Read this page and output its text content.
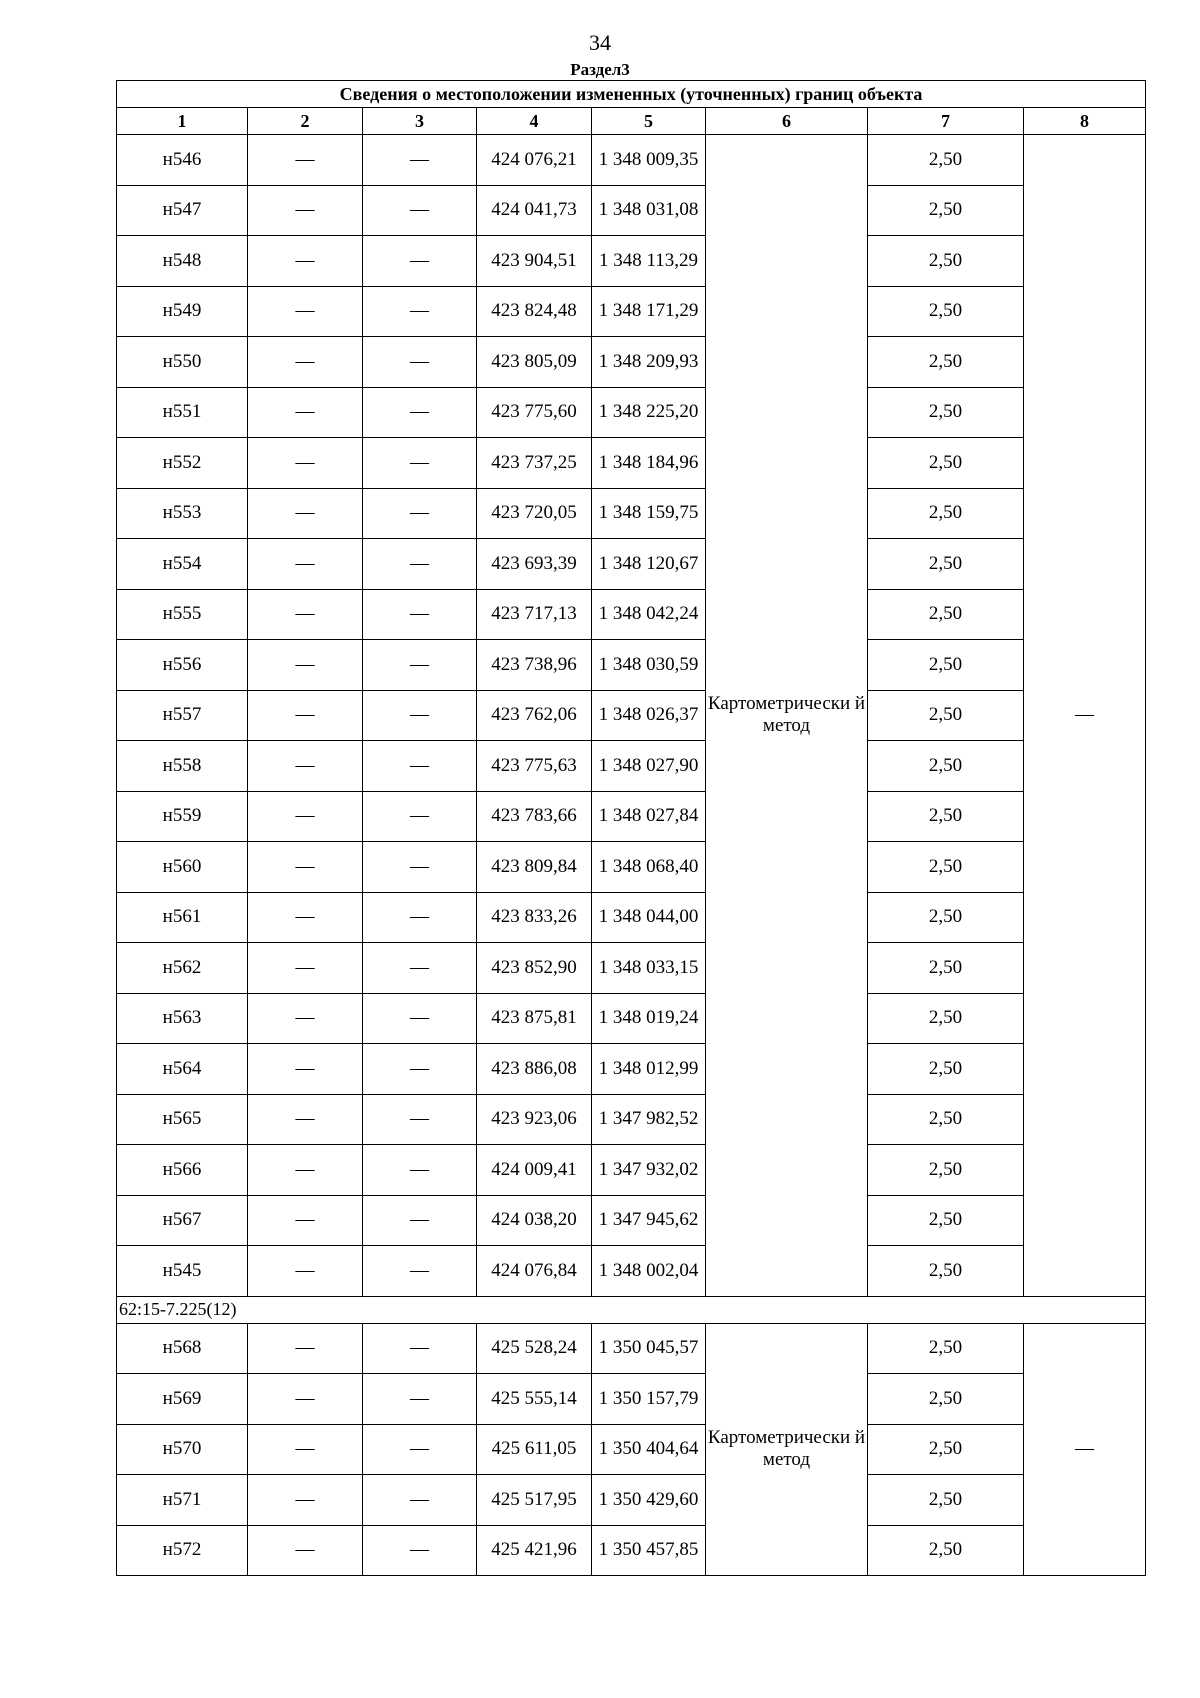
34
Раздел3
Сведения о местоположении измененных (уточненных) границ объекта							
1	2	3	4	5	6	7	8
н546	—	—	424 076,21	1 348 009,35	Картометрически й метод	2,50	—
н547	—	—	424 041,73	1 348 031,08		2,50	
н548	—	—	423 904,51	1 348 113,29		2,50	
н549	—	—	423 824,48	1 348 171,29		2,50	
н550	—	—	423 805,09	1 348 209,93		2,50	
н551	—	—	423 775,60	1 348 225,20		2,50	
н552	—	—	423 737,25	1 348 184,96		2,50	
н553	—	—	423 720,05	1 348 159,75		2,50	
н554	—	—	423 693,39	1 348 120,67		2,50	
н555	—	—	423 717,13	1 348 042,24		2,50	
н556	—	—	423 738,96	1 348 030,59		2,50	
н557	—	—	423 762,06	1 348 026,37		2,50	
н558	—	—	423 775,63	1 348 027,90		2,50	
н559	—	—	423 783,66	1 348 027,84		2,50	
н560	—	—	423 809,84	1 348 068,40		2,50	
н561	—	—	423 833,26	1 348 044,00		2,50	
н562	—	—	423 852,90	1 348 033,15		2,50	
н563	—	—	423 875,81	1 348 019,24		2,50	
н564	—	—	423 886,08	1 348 012,99		2,50	
н565	—	—	423 923,06	1 347 982,52		2,50	
н566	—	—	424 009,41	1 347 932,02		2,50	
н567	—	—	424 038,20	1 347 945,62		2,50	
н545	—	—	424 076,84	1 348 002,04		2,50	
62:15-7.225(12)							
н568	—	—	425 528,24	1 350 045,57	Картометрически й метод	2,50	—
н569	—	—	425 555,14	1 350 157,79		2,50	
н570	—	—	425 611,05	1 350 404,64		2,50	
н571	—	—	425 517,95	1 350 429,60		2,50	
н572	—	—	425 421,96	1 350 457,85		2,50	
